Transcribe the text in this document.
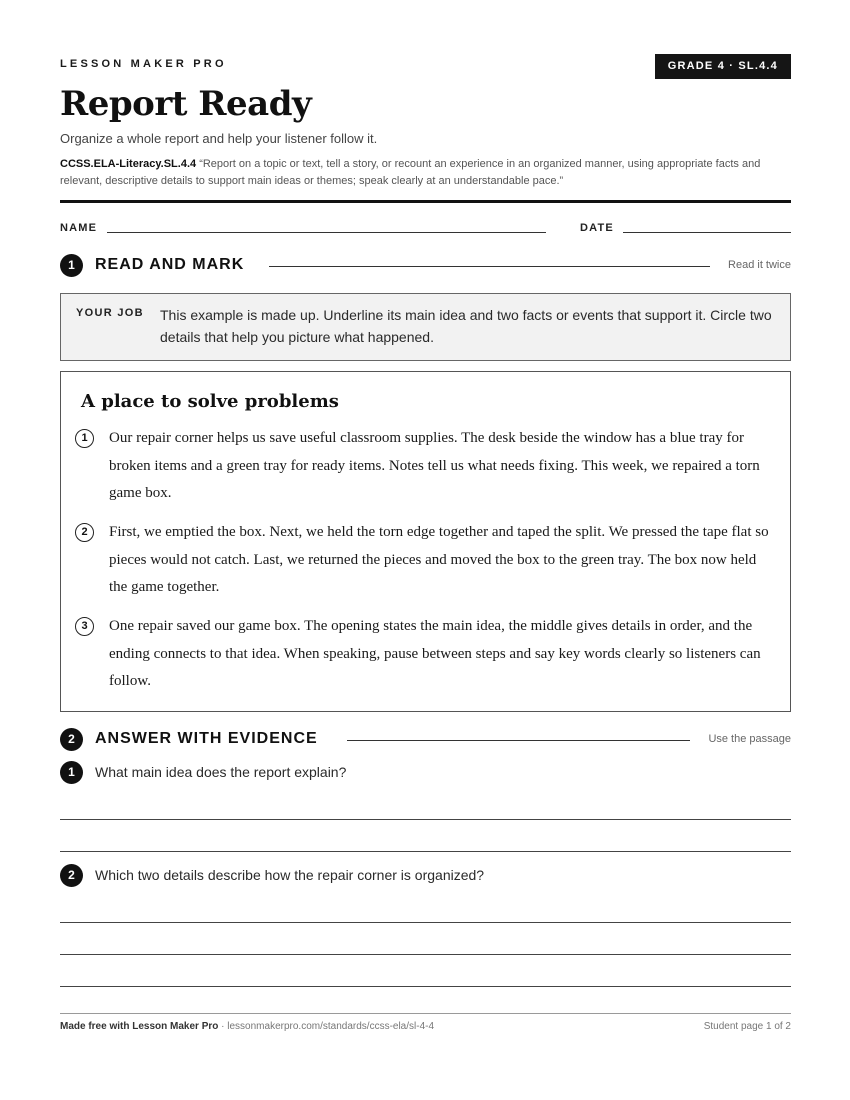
LESSON MAKER PRO	GRADE 4 · SL.4.4
Report Ready
Organize a whole report and help your listener follow it.
CCSS.ELA-Literacy.SL.4.4 “Report on a topic or text, tell a story, or recount an experience in an organized manner, using appropriate facts and relevant, descriptive details to support main ideas or themes; speak clearly at an understandable pace.”
NAME	DATE
1	READ AND MARK	Read it twice
YOUR JOB This example is made up. Underline its main idea and two facts or events that support it. Circle two details that help you picture what happened.
A place to solve problems
1	Our repair corner helps us save useful classroom supplies. The desk beside the window has a blue tray for broken items and a green tray for ready items. Notes tell us what needs fixing. This week, we repaired a torn game box.
2	First, we emptied the box. Next, we held the torn edge together and taped the split. We pressed the tape flat so pieces would not catch. Last, we returned the pieces and moved the box to the green tray. The box now held the game together.
3	One repair saved our game box. The opening states the main idea, the middle gives details in order, and the ending connects to that idea. When speaking, pause between steps and say key words clearly so listeners can follow.
2	ANSWER WITH EVIDENCE	Use the passage
1	What main idea does the report explain?
2	Which two details describe how the repair corner is organized?
Made free with Lesson Maker Pro · lessonmakerpro.com/standards/ccss-ela/sl-4-4	Student page 1 of 2
